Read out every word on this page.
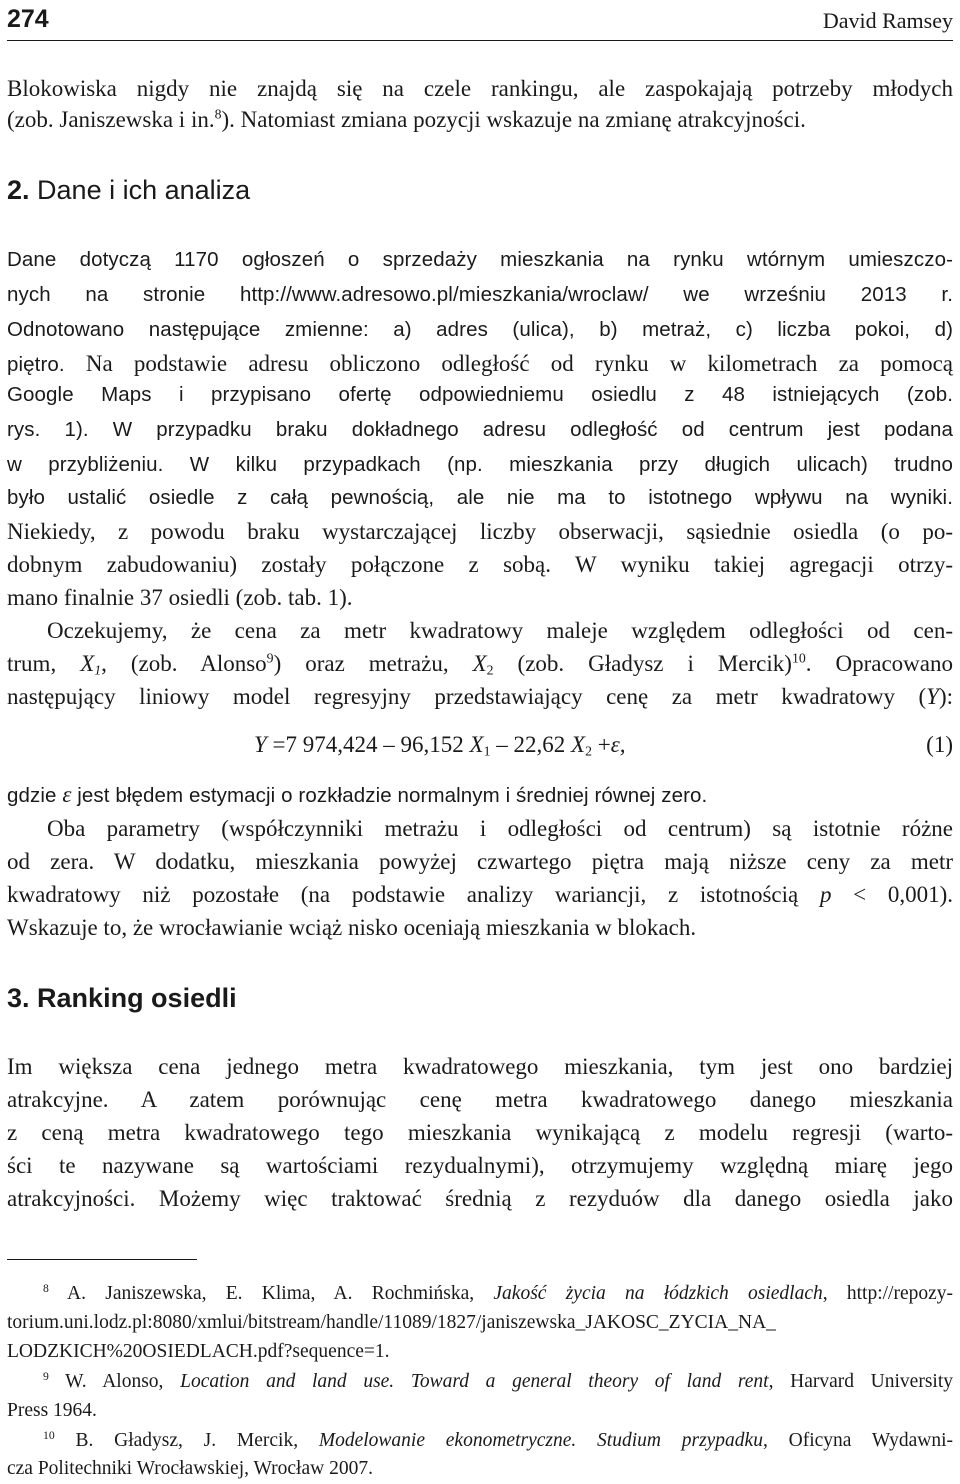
274	David Ramsey
Blokowiska nigdy nie znajdą się na czele rankingu, ale zaspokajają potrzeby młodych
(zob. Janiszewska i in.$^8$). Natomiast zmiana pozycji wskazuje na zmianę atrakcyjności.
2. Dane i ich analiza
Dane dotyczą 1170 ogłoszeń o sprzedaży mieszkania na rynku wtórnym umieszczo-
nych na stronie http://www.adresowo.pl/mieszkania/wroclaw/ we wrześniu 2013 r.
Odnotowano następujące zmienne: a) adres (ulica), b) metraż, c) liczba pokoi, d)
piętro. Na podstawie adresu obliczono odległość od rynku w kilometrach za pomocą
Google Maps i przypisano ofertę odpowiedniemu osiedlu z 48 istniejących (zob.
rys. 1). W przypadku braku dokładnego adresu odległość od centrum jest podana
w przybliżeniu. W kilku przypadkach (np. mieszkania przy długich ulicach) trudno
było ustalić osiedle z całą pewnością, ale nie ma to istotnego wpływu na wyniki.
Niekiedy, z powodu braku wystarczającej liczby obserwacji, sąsiednie osiedla (o po-
dobnym zabudowaniu) zostały połączone z sobą. W wyniku takiej agregacji otrzy-
mano finalnie 37 osiedli (zob. tab. 1).
Oczekujemy, że cena za metr kwadratowy maleje względem odległości od cen-
trum, $X_1$, (zob. Alonso$^9$) oraz metrażu, $X_2$ (zob. Gładysz i Mercik)$^{10}$. Opracowano
następujący liniowy model regresyjny przedstawiający cenę za metr kwadratowy (Y):
Y =7 974,424 – 96,152 $X_1 - 22,62$ $X_2 +\varepsilon$,	(1)
gdzie ε jest błędem estymacji o rozkładzie normalnym i średniej równej zero.
Oba parametry (współczynniki metrażu i odległości od centrum) są istotnie różne
od zera. W dodatku, mieszkania powyżej czwartego piętra mają niższe ceny za metr
kwadratowy niż pozostałe (na podstawie analizy wariancji, z istotnością p < 0,001).
Wskazuje to, że wrocławianie wciąż nisko oceniają mieszkania w blokach.
3. Ranking osiedli
Im większa cena jednego metra kwadratowego mieszkania, tym jest ono bardziej
atrakcyjne. A zatem porównując cenę metra kwadratowego danego mieszkania
z ceną metra kwadratowego tego mieszkania wynikającą z modelu regresji (warto-
ści te nazywane są wartościami rezydualnymi), otrzymujemy względną miarę jego
atrakcyjności. Możemy więc traktować średnią z rezyduów dla danego osiedla jako
$^8$ A. Janiszewska, E. Klima, A. Rochmińska, Jakość życia na łódzkich osiedlach, http://repozy-
torium.uni.lodz.pl:8080/xmlui/bitstream/handle/11089/1827/janiszewska_JAKOSC_ZYCIA_NA_
LODZKICH%20OSIEDLACH.pdf?sequence=1.
$^9$ W. Alonso, Location and land use. Toward a general theory of land rent, Harvard University
Press 1964.
$^{10}$ B. Gładysz, J. Mercik, Modelowanie ekonometryczne. Studium przypadku, Oficyna Wydawni-
cza Politechniki Wrocławskiej, Wrocław 2007.
